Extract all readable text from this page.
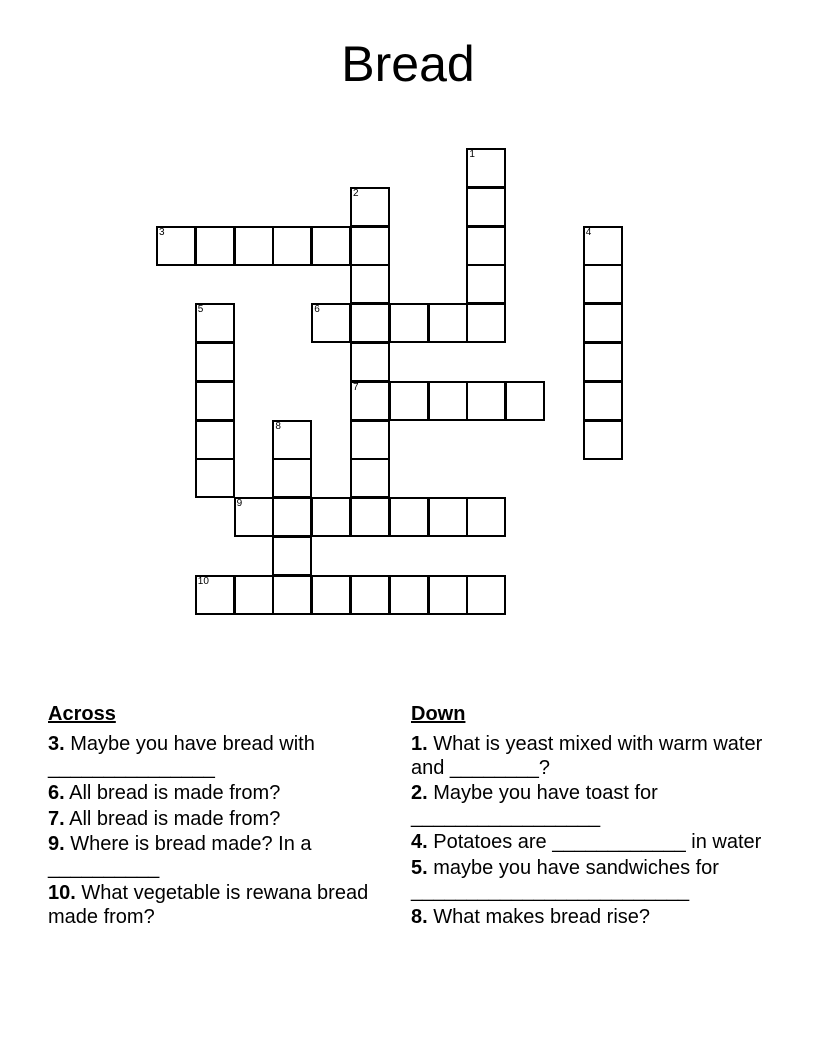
Bread
1
2
7
3	4
5	6
8
9
10
Across
3. Maybe you have bread with _______________
6. All bread is made from?
7. All bread is made from?
9. Where is bread made? In a __________
10. What vegetable is rewana bread made from?
Down
1. What is yeast mixed with warm water and ________?
2. Maybe you have toast for _________________
4. Potatoes are ____________ in water
5. maybe you have sandwiches for _________________________
8. What makes bread rise?
